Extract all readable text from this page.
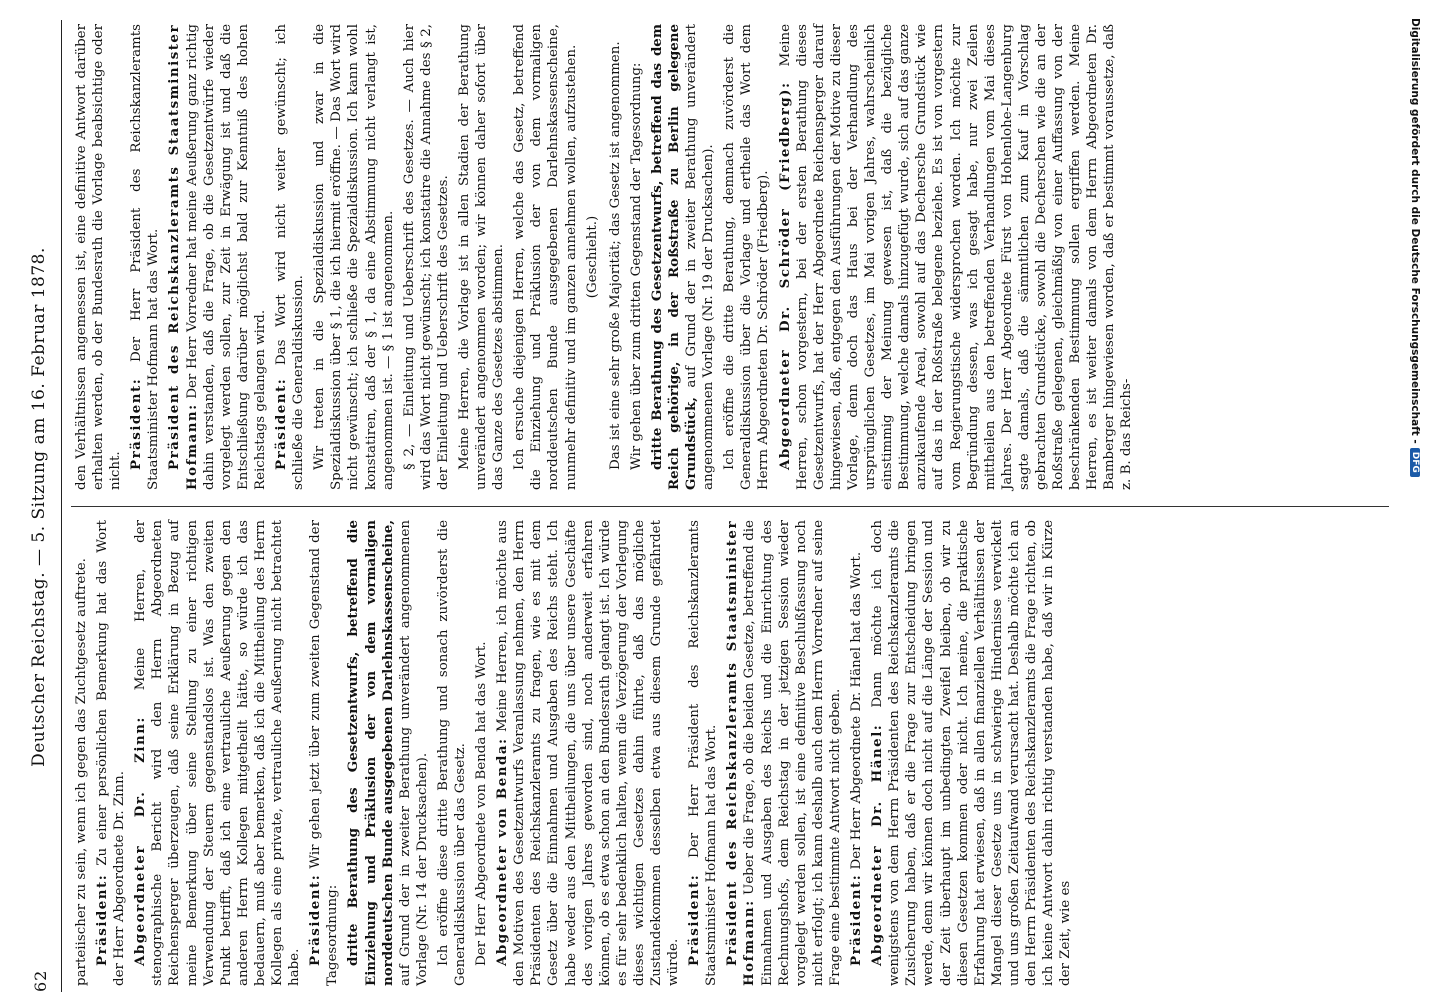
62
Deutscher Reichstag. — 5. Sitzung am 16. Februar 1878.

parteiischer zu sein, wenn ich gegen das Zuchtgesetz auftrete. Präsident: Zu einer persönlichen Bemerkung hat das Wort der Herr Abgeordnete Dr. Zinn. Abgeordneter Dr. Zinn: Meine Herren, der stenographische Bericht wird den Herrn Abgeordneten Reichensperger überzeugen, daß seine Erklärung in Bezug auf meine Bemerkung über seine Stellung zu einer richtigen Verwendung der Steuern gegenstandslos ist. Was den zweiten Punkt betrifft, daß ich eine vertrauliche Aeußerung gegen den anderen Herrn Kollegen mitgetheilt hätte, so würde ich das bedauern, muß aber bemerken, daß ich die Mittheilung des Herrn Kollegen als eine private, vertrauliche Aeußerung nicht betrachtet habe.

Präsident: Wir gehen jetzt über zum zweiten Gegenstand der Tagesordnung: dritte Berathung des Gesetzentwurfs, betreffend die Einziehung und Präklusion der von dem vormaligen norddeutschen Bunde ausgegebenen Darlehnskassenscheine, auf Grund der in zweiter Berathung unverändert angenommenen Vorlage (Nr. 14 der Drucksachen). Ich eröffne diese dritte Berathung und sonach zuvörderst die Generaldiskussion über das Gesetz. Der Herr Abgeordnete von Benda hat das Wort. Abgeordneter von Benda: Meine Herren, ich möchte aus den Motiven des Gesetzentwurfs Veranlassung nehmen, den Herrn Präsidenten des Reichskanzleramts zu fragen, wie es mit dem Gesetz über die Einnahmen und Ausgaben des Reichs steht. Ich habe weder aus den Mittheilungen, die uns über unsere Geschäfte des vorigen Jahres geworden sind, noch anderweit erfahren können, ob es etwa schon an den Bundesrath gelangt ist. Ich würde es für sehr bedenklich halten, wenn die Verzögerung der Vorlegung dieses wichtigen Gesetzes dahin führte, daß das mögliche Zustandekommen desselben etwa aus diesem Grunde gefährdet würde. Präsident: Der Herr Präsident des Reichskanzleramts Staatsminister Hofmann hat das Wort. Präsident des Reichskanzleramts Staatsminister Hofmann: Ueber die Frage, ob die beiden Gesetze, betreffend die Einnahmen und Ausgaben des Reichs und die Einrichtung des Rechnungshofs, dem Reichstag in der jetzigen Session wieder vorgelegt werden sollen, ist eine definitive Beschlußfassung noch nicht erfolgt; ich kann deshalb auch dem Herrn Vorredner auf seine Frage eine bestimmte Antwort nicht geben. Präsident: Der Herr Abgeordnete Dr. Hänel hat das Wort. Abgeordneter Dr. Hänel: Dann möchte ich doch wenigstens von dem Herrn Präsidenten des Reichskanzleramts die Zusicherung haben, daß er die Frage zur Entscheidung bringen werde, denn wir können doch nicht auf die Länge der Session und der Zeit überhaupt im unbedingten Zweifel bleiben, ob wir zu diesen Gesetzen kommen oder nicht. Ich meine, die praktische Erfahrung hat erwiesen, daß in allen finanziellen Verhältnissen der Mangel dieser Gesetze uns in schwierige Hindernisse verwickelt und uns großen Zeitaufwand verursacht hat. Deshalb möchte ich an den Herrn Präsidenten des Reichskanzleramts die Frage richten, ob ich keine Antwort dahin richtig verstanden habe, daß wir in Kürze der Zeit, wie es

den Verhältnissen angemessen ist, eine definitive Antwort darüber erhalten werden, ob der Bundesrath die Vorlage beabsichtige oder nicht.

Präsident: Der Herr Präsident des Reichskanzleramts Staatsminister Hofmann hat das Wort. Präsident des Reichskanzleramts Staatsminister Hofmann: Der Herr Vorredner hat meine Aeußerung ganz richtig dahin verstanden, daß die Frage, ob die Gesetzentwürfe wieder vorgelegt werden sollen, zur Zeit in Erwägung ist und daß die Entschließung darüber möglichst bald zur Kenntniß des hohen Reichstags gelangen wird. Präsident: Das Wort wird nicht weiter gewünscht; ich schließe die Generaldiskussion. Wir treten in die Spezialdiskussion und zwar in die Spezialdiskussion über § 1, die ich hiermit eröffne. — Das Wort wird nicht gewünscht; ich schließe die Spezialdiskussion. Ich kann wohl konstatiren, daß der § 1, da eine Abstimmung nicht verlangt ist, angenommen ist. — § 1 ist angenommen. § 2, — Einleitung und Ueberschrift des Gesetzes. — Auch hier wird das Wort nicht gewünscht; ich konstatire die Annahme des § 2, der Einleitung und Ueberschrift des Gesetzes. Meine Herren, die Vorlage ist in allen Stadien der Berathung unverändert angenommen worden; wir können daher sofort über das Ganze des Gesetzes abstimmen. Ich ersuche diejenigen Herren, welche das Gesetz, betreffend die Einziehung und Präklusion der von dem vormaligen norddeutschen Bunde ausgegebenen Darlehnskassenscheine, nunmehr definitiv und im ganzen annehmen wollen, aufzustehen. (Geschieht.) Das ist eine sehr große Majorität; das Gesetz ist angenommen. Wir gehen über zum dritten Gegenstand der Tagesordnung: dritte Berathung des Gesetzentwurfs, betreffend das dem Reich gehörige, in der Roßstraße zu Berlin gelegene Grundstück, auf Grund der in zweiter Berathung unverändert angenommenen Vorlage (Nr. 19 der Drucksachen). Ich eröffne die dritte Berathung, demnach zuvörderst die Generaldiskussion über die Vorlage und ertheile das Wort dem Herrn Abgeordneten Dr. Schröder (Friedberg). Abgeordneter Dr. Schröder (Friedberg): Meine Herren, schon vorgestern, bei der ersten Berathung dieses Gesetzentwurfs, hat der Herr Abgeordnete Reichensperger darauf hingewiesen, daß, entgegen den Ausführungen der Motive zu dieser Vorlage, denn doch das Haus bei der Verhandlung des ursprünglichen Gesetzes, im Mai vorigen Jahres, wahrscheinlich einstimmig der Meinung gewesen ist, daß die bezügliche Bestimmung, welche damals hinzugefügt wurde, sich auf das ganze anzukaufende Areal, sowohl auf das Dechersche Grundstück wie auf das in der Roßstraße belegene beziehe. Es ist von vorgestern vom Regierungstische widersprochen worden. Ich möchte zur Begründung dessen, was ich gesagt habe, nur zwei Zeilen mittheilen aus den betreffenden Verhandlungen vom Mai dieses Jahres. Der Herr Abgeordnete Fürst von Hohenlohe-Langenburg sagte damals, daß die sämmtlichen zum Kauf in Vorschlag gebrachten Grundstücke, sowohl die Decherschen wie die an der Roßstraße gelegenen, gleichmäßig von einer Auffassung von der beschränkenden Bestimmung sollen ergriffen werden. Meine Herren, es ist weiter damals von dem Herrn Abgeordneten Dr. Bamberger hingewiesen worden, daß er bestimmt voraussetze, daß z. B. das Reichs-	Digitalisierung gefördert durch die Deutsche Forschungsgemeinschaft -
DFG
